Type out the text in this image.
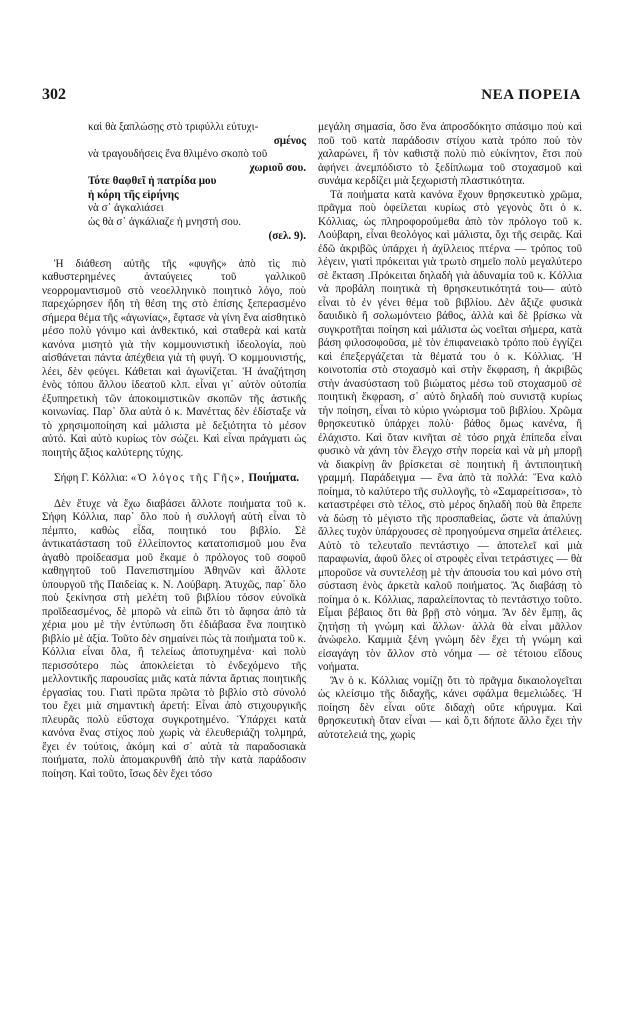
302	ΝΕΑ ΠΟΡΕΙΑ
καὶ θὰ ξαπλώσῃς στὸ τριφύλλι εὐτυχι-
σμένος
νὰ τραγουδήσεις ἕνα θλιμένο σκοπὸ τοῦ
χωριοῦ σου.
Τότε θαφθεῖ ἡ πατρίδα μου
ἡ κόρη τῆς εἰρήνης
νὰ σ᾿ ἀγκαλιάσει
ὡς θὰ σ᾿ ἀγκάλιαζε ἡ μνηστή σου.
(σελ. 9).

Ἡ διάθεση αὐτῆς τῆς «φυγῆς» ἀπὸ τὶς πιὸ καθυστερημένες ἀνταύγειες τοῦ γαλλικοῦ νεορρομαντισμοῦ στὸ νεοελληνικὸ ποιητικὸ λόγο, ποὺ παρεχώρησεν ἤδη τὴ θέση της στὸ ἐπίσης ξεπερασμένο σήμερα θέμα τῆς «ἀγωνίας», ἔφτασε νὰ γίνη ἕνα αἰσθητικὸ μέσο πολὺ γόνιμο καὶ ἀνθεκτικό, καὶ σταθερὰ καὶ κατὰ κανόνα μισητὸ γιὰ τὴν κομμουνιστικὴ ἰδεολογία, ποὺ αἰσθάνεται πάντα ἀπέχθεια γιὰ τὴ φυγή. Ὁ κομμουνιστής, λέει, δὲν φεύγει. Κάθεται καὶ ἀγωνίζεται. Ἡ ἀναζήτηση ἑνὸς τόπου ἄλλου ἰδεατοῦ κλπ. εἶναι γι᾿ αὐτὸν οὐτοπία ἐξυπηρετικὴ τῶν ἀποκοιμιστικῶν σκοπῶν τῆς ἀστικῆς κοινωνίας. Παρ᾿ ὅλα αὐτὰ ὁ κ. Μανέττας δὲν ἐδίσταξε νὰ τὸ χρησιμοποίηση καὶ μάλιστα μὲ δεξιότητα τὸ μέσον αὐτό. Καὶ αὐτὸ κυρίως τὸν σώζει. Καὶ εἶναι πράγματι ὡς ποιητὴς ἄξιος καλύτερης τύχης.

Σήφη Γ. Κόλλια: «Ὁ λόγος τῆς Γῆς», Ποιήματα.

Δὲν ἔτυχε νὰ ἔχω διαβάσει ἄλλοτε ποιήματα τοῦ κ. Σήφη Κόλλια, παρ᾿ ὅλο ποὺ ἡ συλλογή αὐτὴ εἶναι τὸ πέμπτο, καθὼς εἶδα, ποιητικό του βιβλίο. Σὲ ἀντικατάσταση τοῦ ἐλλείποντος κατατοπισμοῦ μου ἕνα ἀγαθὸ προίδεασμα μοῦ ἔκαμε ὁ πρόλογος τοῦ σοφοῦ καθηγητοῦ τοῦ Πανεπιστημίου Ἀθηνῶν καὶ ἄλλοτε ὑπουργοῦ τῆς Παιδείας κ. Ν. Λούβαρη. Ἀτυχῶς, παρ᾿ ὅλο ποὺ ξεκίνησα στὴ μελέτη τοῦ βιβλίου τόσον εὐνοϊκὰ προϊδεασμένος, δὲ μπορῶ νὰ εἰπῶ ὅτι τὸ ἄφησα ἀπὸ τὰ χέρια μου μὲ τὴν ἐντύπωση ὅτι ἐδιάβασα ἕνα ποιητικὸ βιβλίο μὲ ἀξία. Τοῦτο δὲν σημαίνει πὼς τὰ ποιήματα τοῦ κ. Κόλλια εἶναι ὅλα, ἢ τελείως ἀποτυχημένα· καὶ πολὺ περισσότερο πὼς ἀποκλείεται τὸ ἐνδεχόμενο τῆς μελλοντικῆς παρουσίας μιᾶς κατὰ πάντα ἄρτιας ποιητικῆς ἐργασίας του. Γιατὶ πρῶτα πρῶτα τὸ βιβλίο στὸ σύνολό του ἔχει μιὰ σημαντικὴ ἀρετή: Εἶναι ἀπὸ στιχουργικῆς πλευρᾶς πολὺ εὔστοχα συγκροτημένο. Ὑπάρχει κατὰ κανόνα ἕνας στίχος ποὺ χωρὶς νὰ ἐλευθεριάζη τολμηρά, ἔχει ἐν τούτοις, ἀκόμη καὶ σ᾿ αὐτὰ τὰ παραδοσιακὰ ποιήματα, πολὺ ἀπομακρυνθῆ ἀπὸ τὴν κατὰ παράδοσιν ποίηση. Καὶ τοῦτο, ἴσως δὲν ἔχει τόσο

μεγάλη σημασία, ὅσο ἕνα ἀπροσδόκητο σπάσιμο ποὺ καὶ ποῦ τοῦ κατὰ παράδοσιν στίχου κατὰ τρόπο ποὺ τὸν χαλαρώνει, ἢ τὸν καθιστᾷ πολὺ πιὸ εὐκίνητον, ἔτσι ποὺ ἀφήνει ἀνεμπόδιστο τὸ ξεδίπλωμα τοῦ στοχασμοῦ καὶ συνάμα κερδίζει μιὰ ξεχωριστὴ πλαστικότητα.

Τὰ ποιήματα κατὰ κανόνα ἔχουν θρησκευτικὸ χρῶμα, πρᾶγμα ποὺ ὀφείλεται κυρίως στὸ γεγονὸς ὅτι ὁ κ. Κόλλιας, ὡς πληροφορούμεθα ἀπὸ τὸν πρόλογο τοῦ κ. Λούβαρη, εἶναι θεολόγος καὶ μάλιστα, ὄχι τῆς σειρᾶς. Καὶ ἐδῶ ἀκριβῶς ὑπάρχει ἡ ἀχίλλειος πτέρνα — τρόπος τοῦ λέγειν, γιατὶ πρόκειται γιὰ τρωτὸ σημεῖο πολὺ μεγαλύτερο σὲ ἔκταση .Πρόκειται δηλαδὴ γιὰ ἀδυναμία τοῦ κ. Κόλλια νὰ προβάλη ποιητικὰ τὴ θρησκευτικότητά του— αὐτὸ εἶναι τὸ ἐν γένει θέμα τοῦ βιβλίου. Δὲν ἄξιζε φυσικὰ δαυιδικὸ ἢ σολωμόντειο βάθος, ἀλλὰ καὶ δὲ βρίσκω νὰ συγκροτῆται ποίηση καὶ μάλιστα ὡς νοεῖται σήμερα, κατὰ βάση φιλοσοφοῦσα, μὲ τὸν ἐπιφανειακὸ τρόπο ποὺ ἐγγίζει καὶ ἐπεξεργάζεται τὰ θέματά του ὁ κ. Κόλλιας. Ἡ κοινοτοπία στὸ στοχασμὸ καὶ στὴν ἔκφραση, ἡ ἀκριβῶς στὴν ἀνασύσταση τοῦ βιώματος μέσω τοῦ στοχασμοῦ σὲ ποιητικὴ ἔκφραση, σ᾿ αὐτὸ δηλαδὴ ποὺ συνιστᾷ κυρίως τὴν ποίηση, εἶναι τὸ κύριο γνώρισμα τοῦ βιβλίου. Χρῶμα θρησκευτικὸ ὑπάρχει πολὺ· βάθος ὅμως κανένα, ἢ ἐλάχιστο. Καὶ ὅταν κινῆται σὲ τόσο ρηχὰ ἐπίπεδα εἶναι φυσικὸ νὰ χάνη τὸν ἔλεγχο στὴν πορεία καὶ νὰ μὴ μπορῇ νὰ διακρίνῃ ἂν βρίσκεται σὲ ποιητικὴ ἢ ἀντιποιητικὴ γραμμή. Παράδειγμα — ἕνα ἀπὸ τὰ πολλά: Ἕνα καλὸ ποίημα, τὸ καλύτερο τῆς συλλογῆς, τὸ «Σαμαρείτισσα», τὸ καταστρέφει στὸ τέλος, στὸ μέρος δηλαδὴ ποὺ θὰ ἔπρεπε νὰ δώσῃ τὸ μέγιστο τῆς προσπαθείας, ὥστε νὰ ἀπαλύνῃ ἄλλες τυχὸν ὑπάρχουσες σὲ προηγούμενα σημεῖα ἀτέλειες. Αὐτὸ τὸ τελευταῖο πεντάστιχο — ἀποτελεῖ καὶ μιὰ παραφωνία, ἀφοῦ ὅλες οἱ στροφὲς εἶναι τετράστιχες — θὰ μποροῦσε νὰ συντελέσῃ μὲ τὴν ἀπουσία του καὶ μόνο στὴ σύσταση ἑνὸς ἀρκετὰ καλοῦ ποιήματος. Ἂς διαβάσῃ τὸ ποίημα ὁ κ. Κόλλιας, παραλείποντας τὸ πεντάστιχο τοῦτο. Εἶμαι βέβαιος ὅτι θὰ βρῇ στὸ νόημα. Ἂν δὲν ἔμπῃ, ἂς ζητήσῃ τὴ γνώμη καὶ ἄλλων· ἀλλὰ θὰ εἶναι μᾶλλον ἀνώφελο. Καμμιὰ ξένη γνώμη δὲν ἔχει τὴ γνώμη καὶ εἰσαγάγη τὸν ἄλλον στὸ νόημα — σὲ τέτοιου εἴδους νοήματα.

Ἂν ὁ κ. Κόλλιας νομίζῃ ὅτι τὸ πρᾶγμα δικαιολογεῖται ὡς κλείσιμο τῆς διδαχῆς, κάνει σφάλμα θεμελιώδες. Ἡ ποίηση δὲν εἶναι οὔτε διδαχὴ οὔτε κήρυγμα. Καὶ θρησκευτικὴ ὅταν εἶναι — καὶ ὅ,τι δήποτε ἄλλο ἔχει τὴν αὐτοτελειά της, χωρὶς
